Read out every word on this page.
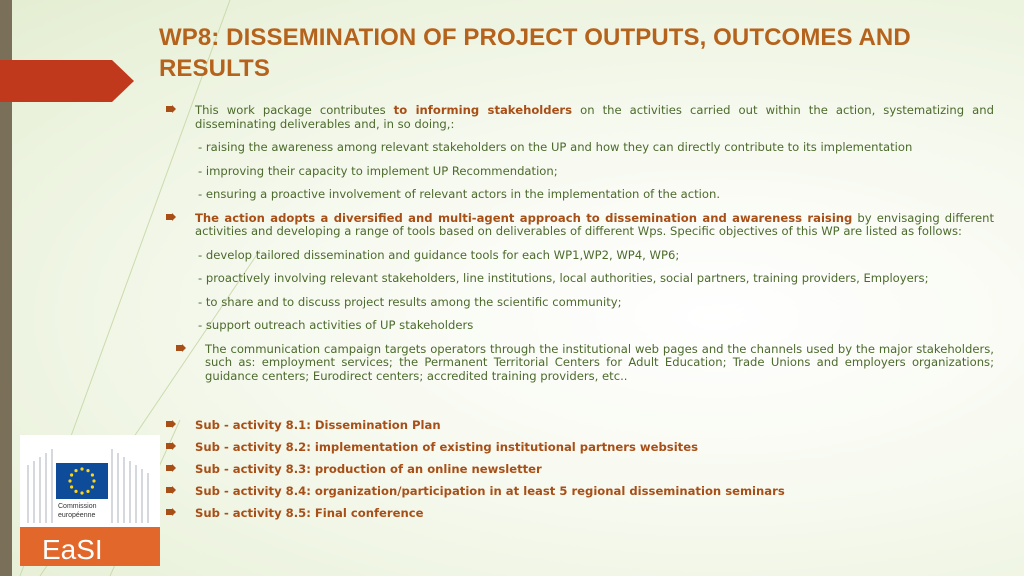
WP8: DISSEMINATION OF PROJECT OUTPUTS, OUTCOMES AND RESULTS
This work package contributes to informing stakeholders on the activities carried out within the action, systematizing and disseminating deliverables and, in so doing,:
- raising the awareness among relevant stakeholders on the UP and how they can directly contribute to its implementation
- improving their capacity to implement UP Recommendation;
- ensuring a proactive involvement of relevant actors in the implementation of the action.
The action adopts a diversified and multi-agent approach to dissemination and awareness raising by envisaging different activities and developing a range of tools based on deliverables of different Wps. Specific objectives of this WP are listed as follows:
- develop tailored dissemination and guidance tools for each WP1,WP2, WP4, WP6;
- proactively involving relevant stakeholders, line institutions, local authorities, social partners, training providers, Employers;
- to share and to discuss project results among the scientific community;
- support outreach activities of UP stakeholders
The communication campaign targets operators through the institutional web pages and the channels used by the major stakeholders, such as: employment services; the Permanent Territorial Centers for Adult Education; Trade Unions and employers organizations; guidance centers; Eurodirect centers; accredited training providers, etc..
Sub - activity 8.1: Dissemination Plan
Sub - activity 8.2: implementation of existing institutional partners websites
Sub - activity 8.3: production of an online newsletter
Sub - activity 8.4: organization/participation in at least 5 regional dissemination seminars
Sub - activity 8.5: Final conference
Commission
européenne
EaSI
